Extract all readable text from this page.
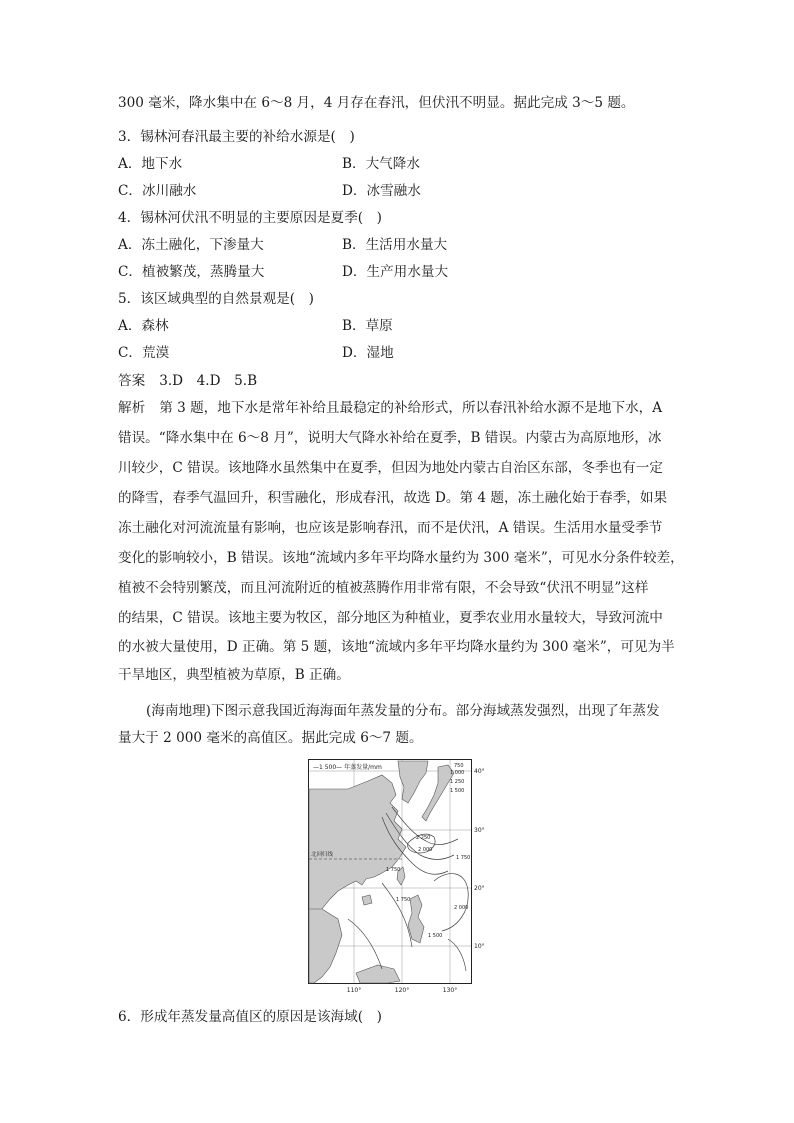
300 毫米，降水集中在 6～8 月，4 月存在春汛，但伏汛不明显。据此完成 3～5 题。
3．锡林河春汛最主要的补给水源是(　)
A．地下水	B．大气降水
C．冰川融水	D．冰雪融水
4．锡林河伏汛不明显的主要原因是夏季(　)
A．冻土融化，下渗量大	B．生活用水量大
C．植被繁茂，蒸腾量大	D．生产用水量大
5．该区域典型的自然景观是(　)
A．森林	B．草原
C．荒漠	D．湿地
答案 3.D　4.D　5.B
解析 第 3 题，地下水是常年补给且最稳定的补给形式，所以春汛补给水源不是地下水，A
错误。“降水集中在 6～8 月”，说明大气降水补给在夏季，B 错误。内蒙古为高原地形，冰
川较少，C 错误。该地降水虽然集中在夏季，但因为地处内蒙古自治区东部，冬季也有一定
的降雪，春季气温回升，积雪融化，形成春汛，故选 D。第 4 题，冻土融化始于春季，如果
冻土融化对河流流量有影响，也应该是影响春汛，而不是伏汛，A 错误。生活用水量受季节
变化的影响较小，B 错误。该地“流域内多年平均降水量约为 300 毫米”，可见水分条件较差，
植被不会特别繁茂，而且河流附近的植被蒸腾作用非常有限，不会导致“伏汛不明显”这样
的结果，C 错误。该地主要为牧区，部分地区为种植业，夏季农业用水量较大，导致河流中
的水被大量使用，D 正确。第 5 题，该地“流域内多年平均降水量约为 300 毫米”，可见为半
干旱地区，典型植被为草原，B 正确。
(海南地理)下图示意我国近海海面年蒸发量的分布。部分海域蒸发强烈，出现了年蒸发
量大于 2 000 毫米的高值区。据此完成 6～7 题。
—1 500— 年蒸发量/mm
北回归线
750
1 000
1 250
1 500
1 750
2 000
2 250
1 750
2 000
1 750
1 500
40°
30°
20°
10°
110°	120°	130°
6．形成年蒸发量高值区的原因是该海域(　)
